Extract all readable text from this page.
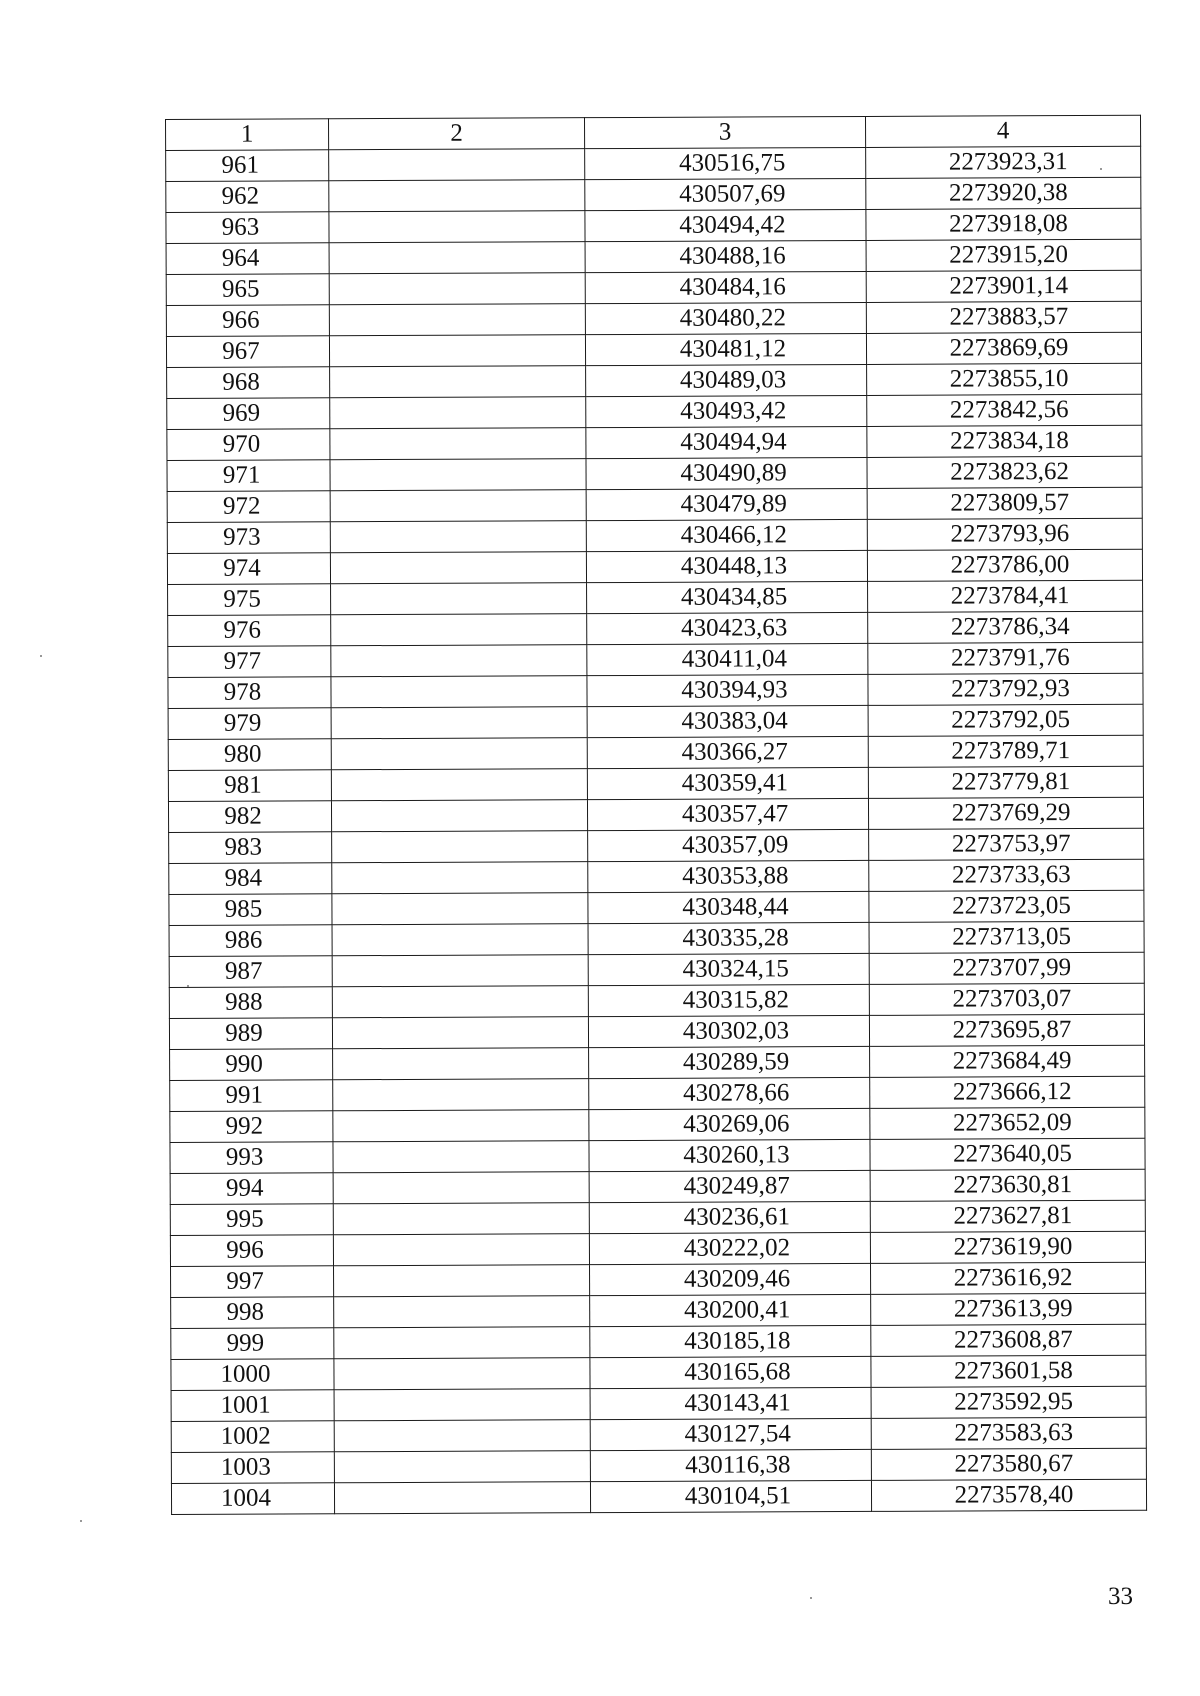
1	2	3	4
961		430516,75	2273923,31
962		430507,69	2273920,38
963		430494,42	2273918,08
964		430488,16	2273915,20
965		430484,16	2273901,14
966		430480,22	2273883,57
967		430481,12	2273869,69
968		430489,03	2273855,10
969		430493,42	2273842,56
970		430494,94	2273834,18
971		430490,89	2273823,62
972		430479,89	2273809,57
973		430466,12	2273793,96
974		430448,13	2273786,00
975		430434,85	2273784,41
976		430423,63	2273786,34
977		430411,04	2273791,76
978		430394,93	2273792,93
979		430383,04	2273792,05
980		430366,27	2273789,71
981		430359,41	2273779,81
982		430357,47	2273769,29
983		430357,09	2273753,97
984		430353,88	2273733,63
985		430348,44	2273723,05
986		430335,28	2273713,05
987		430324,15	2273707,99
988		430315,82	2273703,07
989		430302,03	2273695,87
990		430289,59	2273684,49
991		430278,66	2273666,12
992		430269,06	2273652,09
993		430260,13	2273640,05
994		430249,87	2273630,81
995		430236,61	2273627,81
996		430222,02	2273619,90
997		430209,46	2273616,92
998		430200,41	2273613,99
999		430185,18	2273608,87
1000		430165,68	2273601,58
1001		430143,41	2273592,95
1002		430127,54	2273583,63
1003		430116,38	2273580,67
1004		430104,51	2273578,40
33
